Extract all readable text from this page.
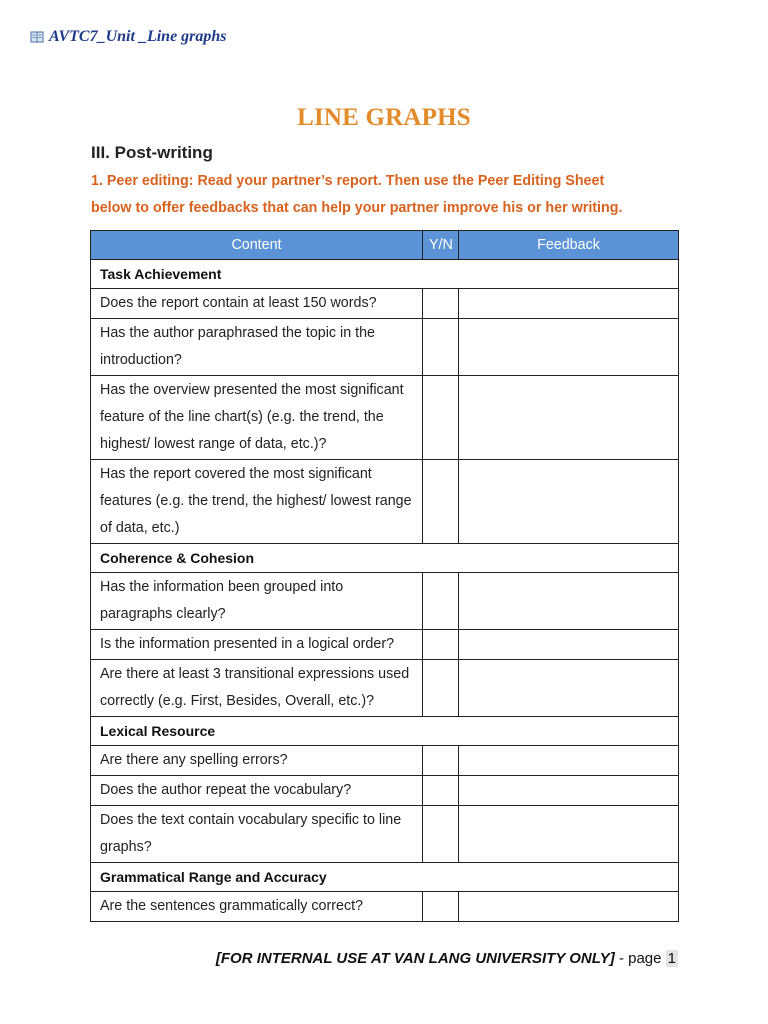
AVTC7_Unit _Line graphs
LINE GRAPHS
III. Post-writing
1. Peer editing: Read your partner’s report. Then use the Peer Editing Sheet
below to offer feedbacks that can help your partner improve his or her writing.
Content	Y/N	Feedback
Task Achievement		
Does the report contain at least 150 words?		
Has the author paraphrased the topic in the introduction?		
Has the overview presented the most significant feature of the line chart(s) (e.g. the trend, the highest/ lowest range of data, etc.)?		
Has the report covered the most significant features (e.g. the trend, the highest/ lowest range of data, etc.)		
Coherence & Cohesion		
Has the information been grouped into paragraphs clearly?		
Is the information presented in a logical order?		
Are there at least 3 transitional expressions used    correctly (e.g. First, Besides, Overall, etc.)?		
Lexical Resource		
Are there any spelling errors?		
Does the author repeat the vocabulary?		
Does the text contain vocabulary specific to line graphs?		
Grammatical Range and Accuracy		
Are the sentences grammatically correct?		
[FOR INTERNAL USE AT VAN LANG UNIVERSITY ONLY] - page 1
